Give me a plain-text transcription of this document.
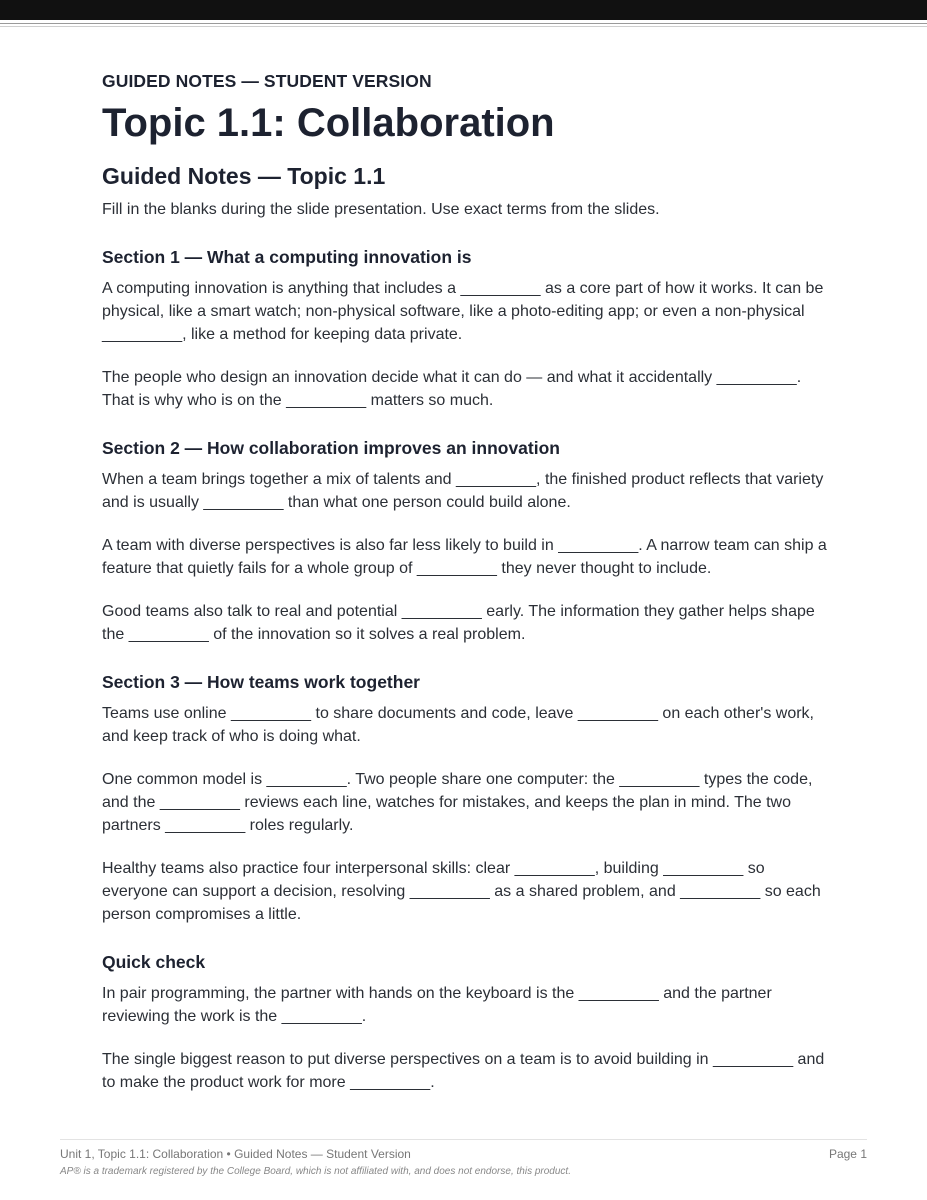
GUIDED NOTES — STUDENT VERSION

Topic 1.1: Collaboration
Guided Notes — Topic 1.1

Fill in the blanks during the slide presentation. Use exact terms from the slides.

Section 1 — What a computing innovation is

A computing innovation is anything that includes a _________ as a core part of how it works. It can be physical, like a smart watch; non-physical software, like a photo-editing app; or even a non-physical _________, like a method for keeping data private.

The people who design an innovation decide what it can do — and what it accidentally _________. That is why who is on the _________ matters so much.

Section 2 — How collaboration improves an innovation

When a team brings together a mix of talents and _________, the finished product reflects that variety and is usually _________ than what one person could build alone.

A team with diverse perspectives is also far less likely to build in _________. A narrow team can ship a feature that quietly fails for a whole group of _________ they never thought to include.

Good teams also talk to real and potential _________ early. The information they gather helps shape the _________ of the innovation so it solves a real problem.

Section 3 — How teams work together

Teams use online _________ to share documents and code, leave _________ on each other's work, and keep track of who is doing what.

One common model is _________. Two people share one computer: the _________ types the code, and the _________ reviews each line, watches for mistakes, and keeps the plan in mind. The two partners _________ roles regularly.

Healthy teams also practice four interpersonal skills: clear _________, building _________ so everyone can support a decision, resolving _________ as a shared problem, and _________ so each person compromises a little.

Quick check

In pair programming, the partner with hands on the keyboard is the _________ and the partner reviewing the work is the _________.

The single biggest reason to put diverse perspectives on a team is to avoid building in _________ and to make the product work for more _________.

Unit 1, Topic 1.1: Collaboration • Guided Notes — Student Version	Page 1
AP® is a trademark registered by the College Board, which is not affiliated with, and does not endorse, this product.
